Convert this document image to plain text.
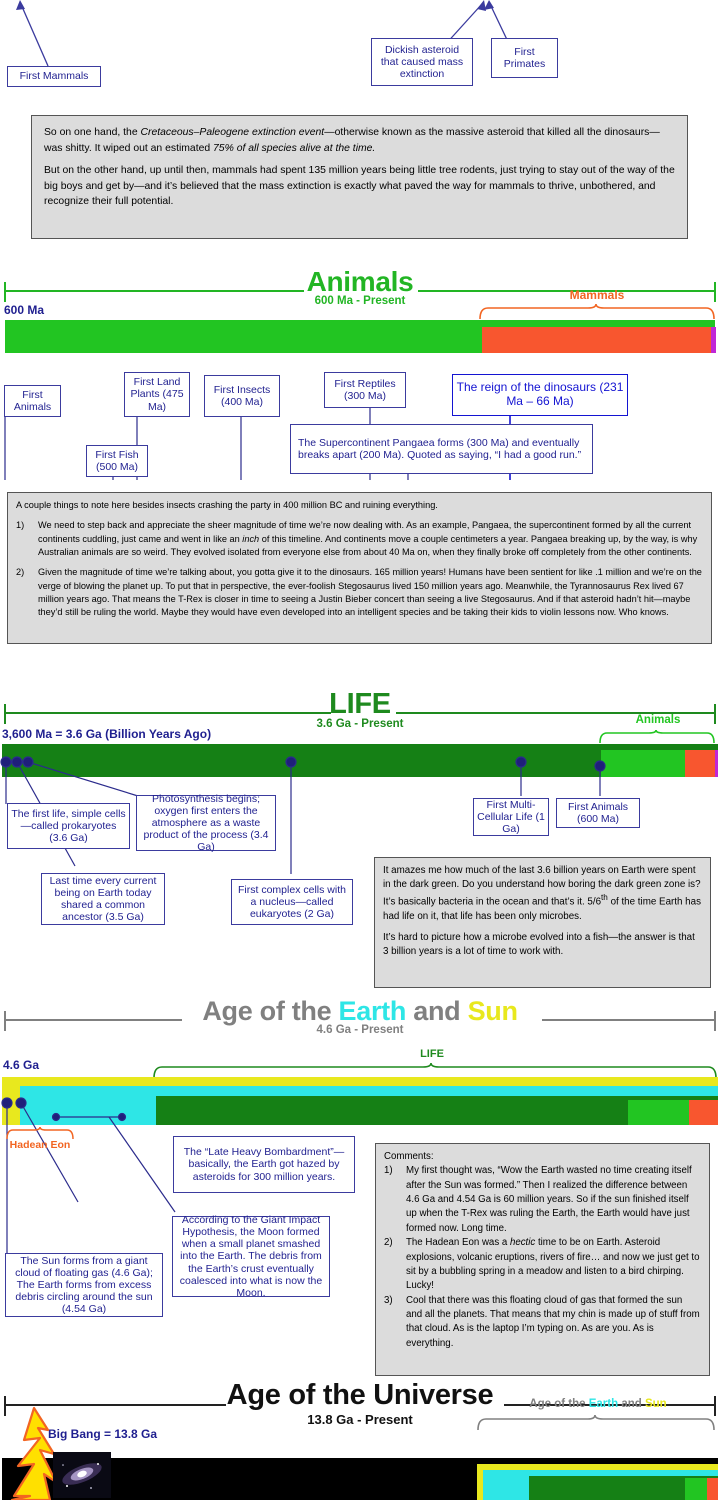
First Mammals
Dickish asteroid that caused mass extinction
First Primates

So on one hand, the Cretaceous–Paleogene extinction event—otherwise known as the massive asteroid that killed all the dinosaurs—was shitty. It wiped out an estimated 75% of all species alive at the time.

But on the other hand, up until then, mammals had spent 135 million years being little tree rodents, just trying to stay out of the way of the big boys and get by—and it’s believed that the mass extinction is exactly what paved the way for mammals to thrive, unbothered, and recognize their full potential.

Animals
600 Ma - Present
600 Ma
Mammals
First Animals
First Fish (500 Ma)
First Land Plants (475 Ma)
First Insects (400 Ma)
First Reptiles (300 Ma)
The reign of the dinosaurs (231 Ma – 66 Ma)
The Supercontinent Pangaea forms (300 Ma) and eventually breaks apart (200 Ma). Quoted as saying, “I had a good run.”

A couple things to note here besides insects crashing the party in 400 million BC and ruining everything.

1)	We need to step back and appreciate the sheer magnitude of time we’re now dealing with. As an example, Pangaea, the supercontinent formed by all the current continents cuddling, just came and went in like an inch of this timeline. And continents move a couple centimeters a year. Pangaea breaking up, by the way, is why Australian animals are so weird. They evolved isolated from everyone else from about 40 Ma on, when they finally broke off completely from the other continents.
2)	Given the magnitude of time we’re talking about, you gotta give it to the dinosaurs. 165 million years! Humans have been sentient for like .1 million and we’re on the verge of blowing the planet up. To put that in perspective, the ever-foolish Stegosaurus lived 150 million years ago. Meanwhile, the Tyrannosaurus Rex lived 67 million years ago. That means the T-Rex is closer in time to seeing a Justin Bieber concert than seeing a live Stegosaurus. And if that asteroid hadn’t hit—maybe they’d still be ruling the world. Maybe they would have even developed into an intelligent species and be taking their kids to violin lessons now. Who knows.
LIFE
3.6 Ga - Present
3,600 Ma = 3.6 Ga (Billion Years Ago)
Animals
The first life, simple cells—called prokaryotes (3.6 Ga)
Photosynthesis begins; oxygen first enters the atmosphere as a waste product of the process (3.4 Ga)
Last time every current being on Earth today shared a common ancestor (3.5 Ga)
First complex cells with a nucleus—called eukaryotes (2 Ga)
First Multi-Cellular Life (1 Ga)
First Animals (600 Ma)

It amazes me how much of the last 3.6 billion years on Earth were spent in the dark green. Do you understand how boring the dark green zone is? It’s basically bacteria in the ocean and that’s it. 5/6th of the time Earth has had life on it, that life has been only microbes.

It’s hard to picture how a microbe evolved into a fish—the answer is that 3 billion years is a lot of time to work with.

Age of the Earth and Sun
4.6 Ga - Present
4.6 Ga
LIFE
Hadean Eon
The “Late Heavy Bombardment”—basically, the Earth got hazed by asteroids for 300 million years.
According to the Giant Impact Hypothesis, the Moon formed when a small planet smashed into the Earth. The debris from the Earth’s crust eventually coalesced into what is now the Moon.
The Sun forms from a giant cloud of floating gas (4.6 Ga); The Earth forms from excess debris circling around the sun (4.54 Ga)

Comments:

1)	My first thought was, “Wow the Earth wasted no time creating itself after the Sun was formed.” Then I realized the difference between 4.6 Ga and 4.54 Ga is 60 million years. So if the sun finished itself up when the T-Rex was ruling the Earth, the Earth would have just formed now. Long time.
2)	The Hadean Eon was a hectic time to be on Earth. Asteroid explosions, volcanic eruptions, rivers of fire… and now we just get to sit by a bubbling spring in a meadow and listen to a bird chirping. Lucky!
3)	Cool that there was this floating cloud of gas that formed the sun and all the planets. That means that my chin is made up of stuff from that cloud. As is the laptop I’m typing on. As are you. As is everything.
Age of the Universe
13.8 Ga - Present
Age of the Earth and Sun
Big Bang = 13.8 Ga
